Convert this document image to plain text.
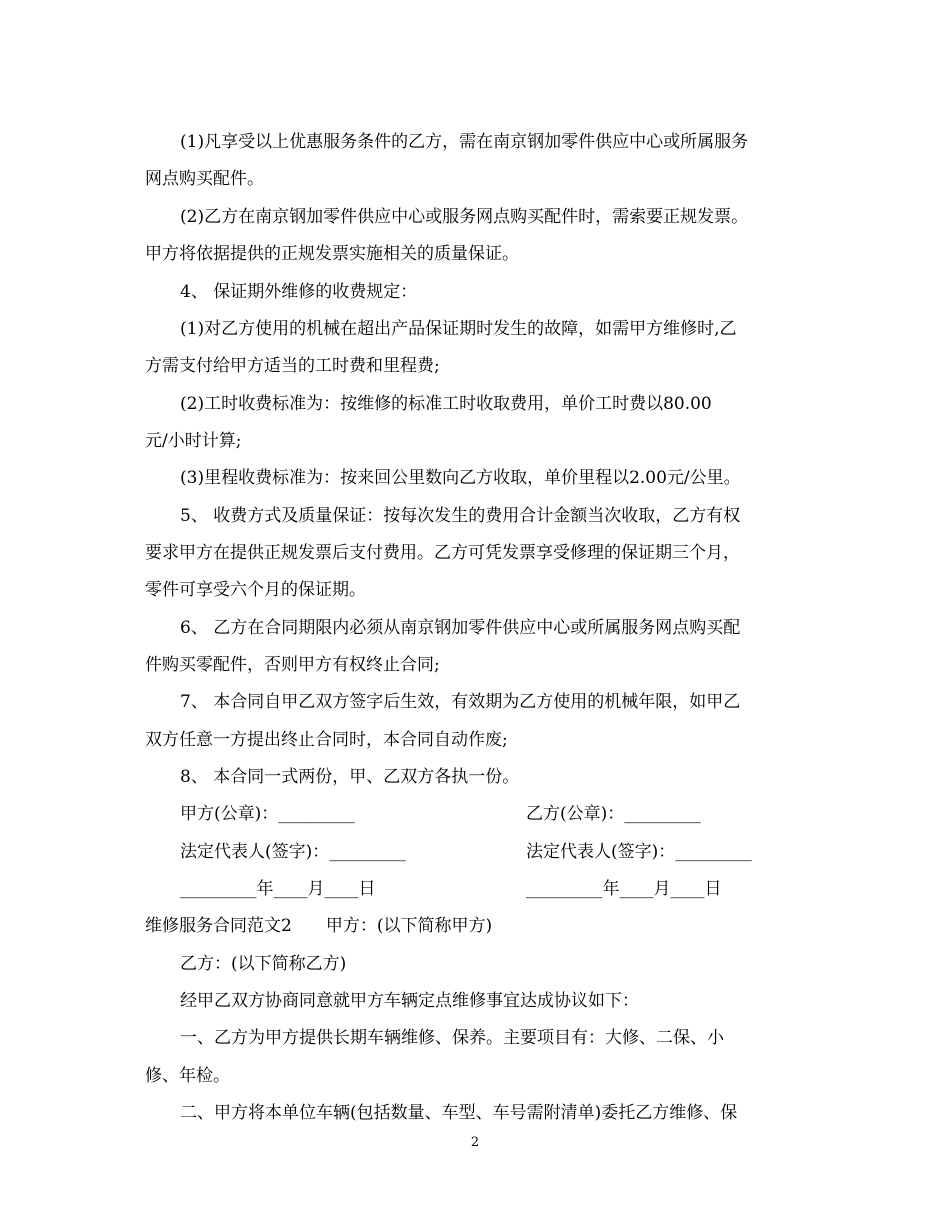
(1)凡享受以上优惠服务条件的乙方，需在南京钢加零件供应中心或所属服务
网点购买配件。
(2)乙方在南京钢加零件供应中心或服务网点购买配件时，需索要正规发票。
甲方将依据提供的正规发票实施相关的质量保证。
4、 保证期外维修的收费规定：
(1)对乙方使用的机械在超出产品保证期时发生的故障，如需甲方维修时,乙
方需支付给甲方适当的工时费和里程费;
(2)工时收费标准为：按维修的标准工时收取费用，单价工时费以80.00
元/小时计算;
(3)里程收费标准为：按来回公里数向乙方收取，单价里程以2.00元/公里。
5、 收费方式及质量保证：按每次发生的费用合计金额当次收取，乙方有权
要求甲方在提供正规发票后支付费用。乙方可凭发票享受修理的保证期三个月，
零件可享受六个月的保证期。
6、 乙方在合同期限内必须从南京钢加零件供应中心或所属服务网点购买配
件购买零配件，否则甲方有权终止合同;
7、 本合同自甲乙双方签字后生效，有效期为乙方使用的机械年限，如甲乙
双方任意一方提出终止合同时，本合同自动作废;
8、 本合同一式两份，甲、乙双方各执一份。
甲方(公章)：_________	乙方(公章)：_________
法定代表人(签字)：_________	法定代表人(签字)：_________
_________年____月____日	_________年____月____日
维修服务合同范文2　　甲方：(以下简称甲方)
乙方：(以下简称乙方)
经甲乙双方协商同意就甲方车辆定点维修事宜达成协议如下：
一、乙方为甲方提供长期车辆维修、保养。主要项目有：大修、二保、小
修、年检。
二、甲方将本单位车辆(包括数量、车型、车号需附清单)委托乙方维修、保
2
